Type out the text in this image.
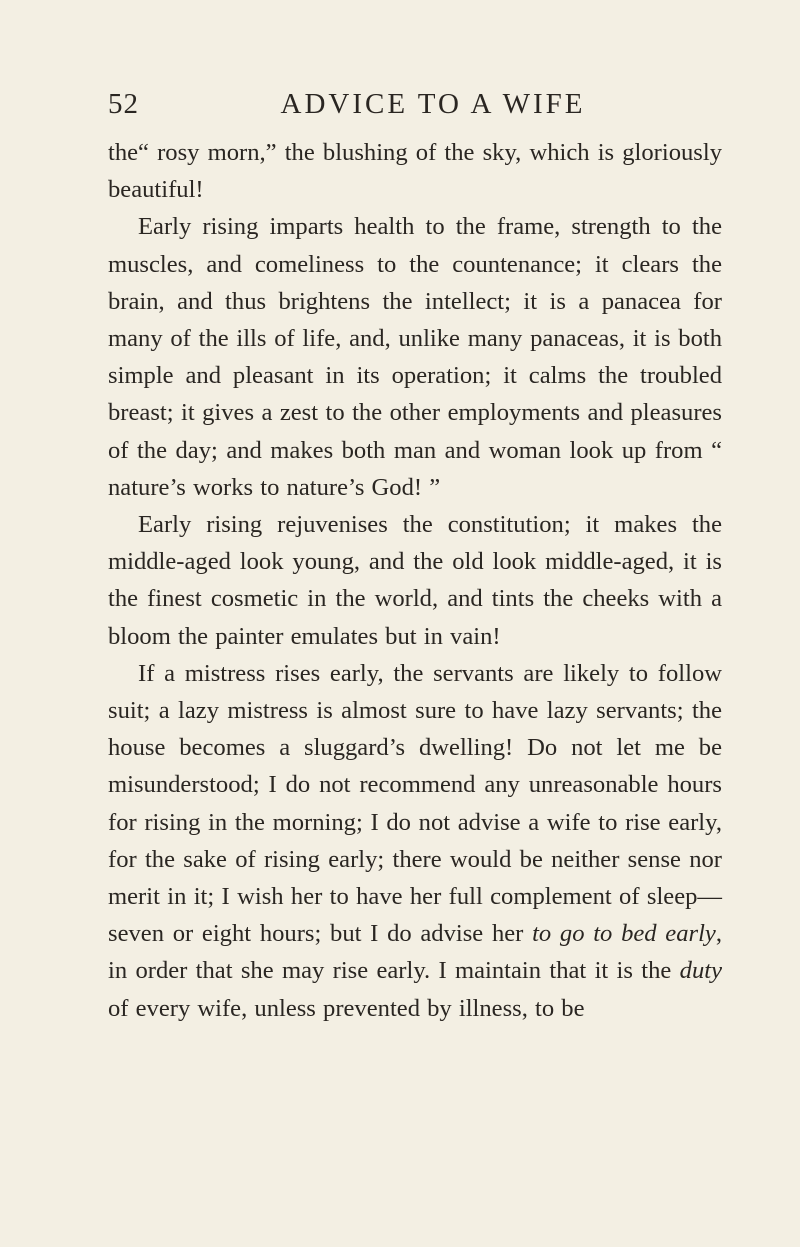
52	ADVICE TO A WIFE

the“ rosy morn,” the blushing of the sky, which is gloriously beautiful!

Early rising imparts health to the frame, strength to the muscles, and comeliness to the countenance; it clears the brain, and thus brightens the intellect; it is a panacea for many of the ills of life, and, unlike many panaceas, it is both simple and pleasant in its operation; it calms the troubled breast; it gives a zest to the other employments and pleasures of the day; and makes both man and woman look up from “ nature’s works to nature’s God! ”

Early rising rejuvenises the constitution; it makes the middle-aged look young, and the old look middle-aged, it is the finest cosmetic in the world, and tints the cheeks with a bloom the painter emulates but in vain!

If a mistress rises early, the servants are likely to follow suit; a lazy mistress is almost sure to have lazy servants; the house becomes a sluggard’s dwelling! Do not let me be misunderstood; I do not recommend any unreasonable hours for rising in the morning; I do not advise a wife to rise early, for the sake of rising early; there would be neither sense nor merit in it; I wish her to have her full complement of sleep—seven or eight hours; but I do advise her to go to bed early, in order that she may rise early. I maintain that it is the duty of every wife, unless prevented by illness, to be
